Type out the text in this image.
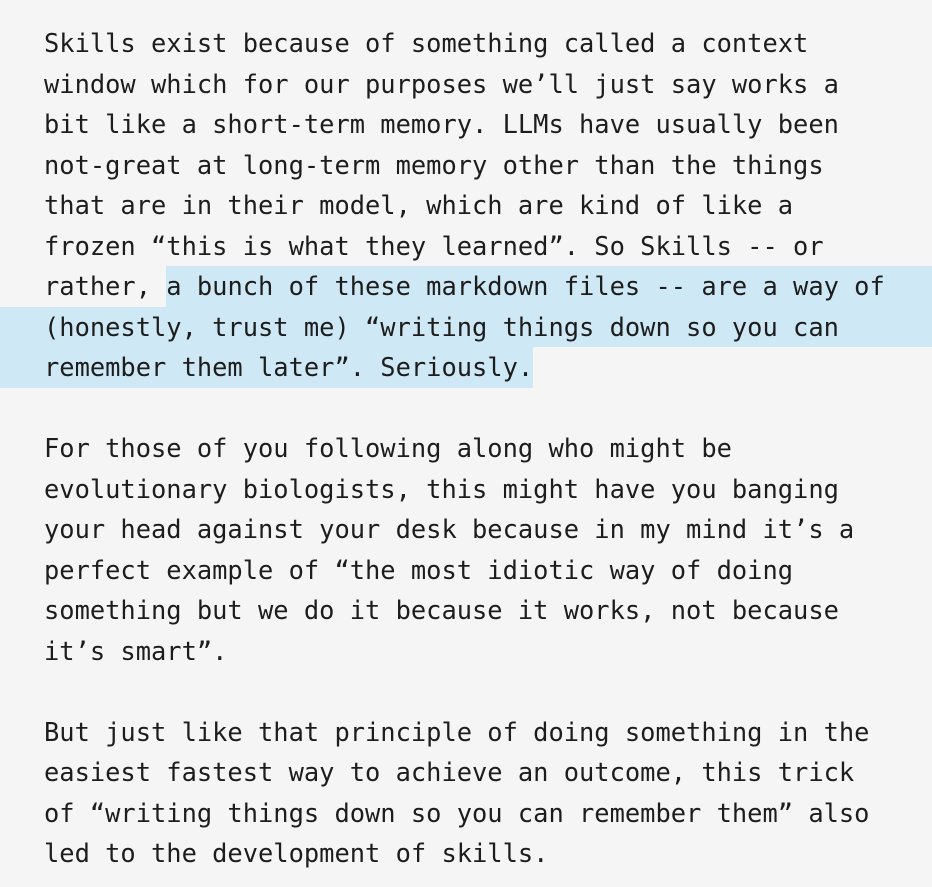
Skills exist because of something called a context
window which for our purposes we’ll just say works a
bit like a short-term memory. LLMs have usually been
not-great at long-term memory other than the things
that are in their model, which are kind of like a
frozen “this is what they learned”. So Skills -- or
rather, a bunch of these markdown files -- are a way of
(honestly, trust me) “writing things down so you can
remember them later”. Seriously.
For those of you following along who might be
evolutionary biologists, this might have you banging
your head against your desk because in my mind it’s a
perfect example of “the most idiotic way of doing
something but we do it because it works, not because
it’s smart”.
But just like that principle of doing something in the
easiest fastest way to achieve an outcome, this trick
of “writing things down so you can remember them” also
led to the development of skills.
